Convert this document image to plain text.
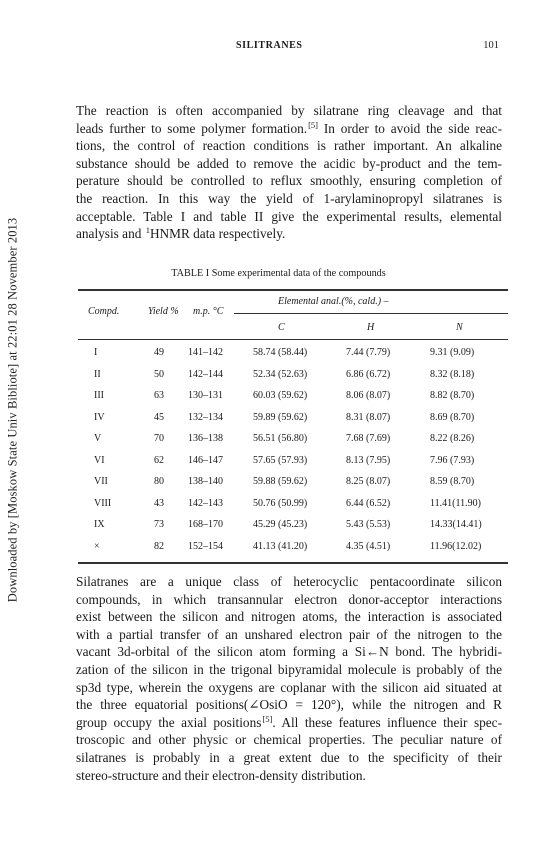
Downloaded by [Moskow State Univ Bibliote] at 22:01 28 November 2013
SILITRANES	101

The reaction is often accompanied by silatrane ring cleavage and that
leads further to some polymer formation.[5] In order to avoid the side reac-
tions, the control of reaction conditions is rather important. An alkaline
substance should be added to remove the acidic by-product and the tem-
perature should be controlled to reflux smoothly, ensuring completion of
the reaction. In this way the yield of 1-arylaminopropyl silatranes is
acceptable. Table I and table II give the experimental results, elemental
analysis and $^1$HNMR data respectively.

TABLE I Some experimental data of the compounds
Elemental anal.(%, cald.) –
Compd.	Yield % m.p. °C
C	H	N
I	49 141–142	58.74 (58.44)	7.44 (7.79)	9.31 (9.09)
II	50 142–144	52.34 (52.63)	6.86 (6.72)	8.32 (8.18)
III	63 130–131	60.03 (59.62)	8.06 (8.07)	8.82 (8.70)
IV	45 132–134	59.89 (59.62)	8.31 (8.07)	8.69 (8.70)
V	70 136–138	56.51 (56.80)	7.68 (7.69)	8.22 (8.26)
VI	62 146–147	57.65 (57.93)	8.13 (7.95)	7.96 (7.93)
VII	80 138–140	59.88 (59.62)	8.25 (8.07)	8.59 (8.70)
VIII	43 142–143	50.76 (50.99)	6.44 (6.52)	11.41(11.90)
IX	73 168–170	45.29 (45.23)	5.43 (5.53)	14.33(14.41)
×	82 152–154	41.13 (41.20)	4.35 (4.51)	11.96(12.02)

Silatranes are a unique class of heterocyclic pentacoordinate silicon
compounds, in which transannular electron donor-acceptor interactions
exist between the silicon and nitrogen atoms, the interaction is associated
with a partial transfer of an unshared electron pair of the nitrogen to the
vacant 3d-orbital of the silicon atom forming a Si←N bond. The hybridi-
zation of the silicon in the trigonal bipyramidal molecule is probably of the
sp3d type, wherein the oxygens are coplanar with the silicon aid situated at
the three equatorial positions(∠OsiO = 120°), while the nitrogen and R
group occupy the axial positions[5]. All these features influence their spec-
troscopic and other physic or chemical properties. The peculiar nature of
silatranes is probably in a great extent due to the specificity of their
stereo-structure and their electron-density distribution.
